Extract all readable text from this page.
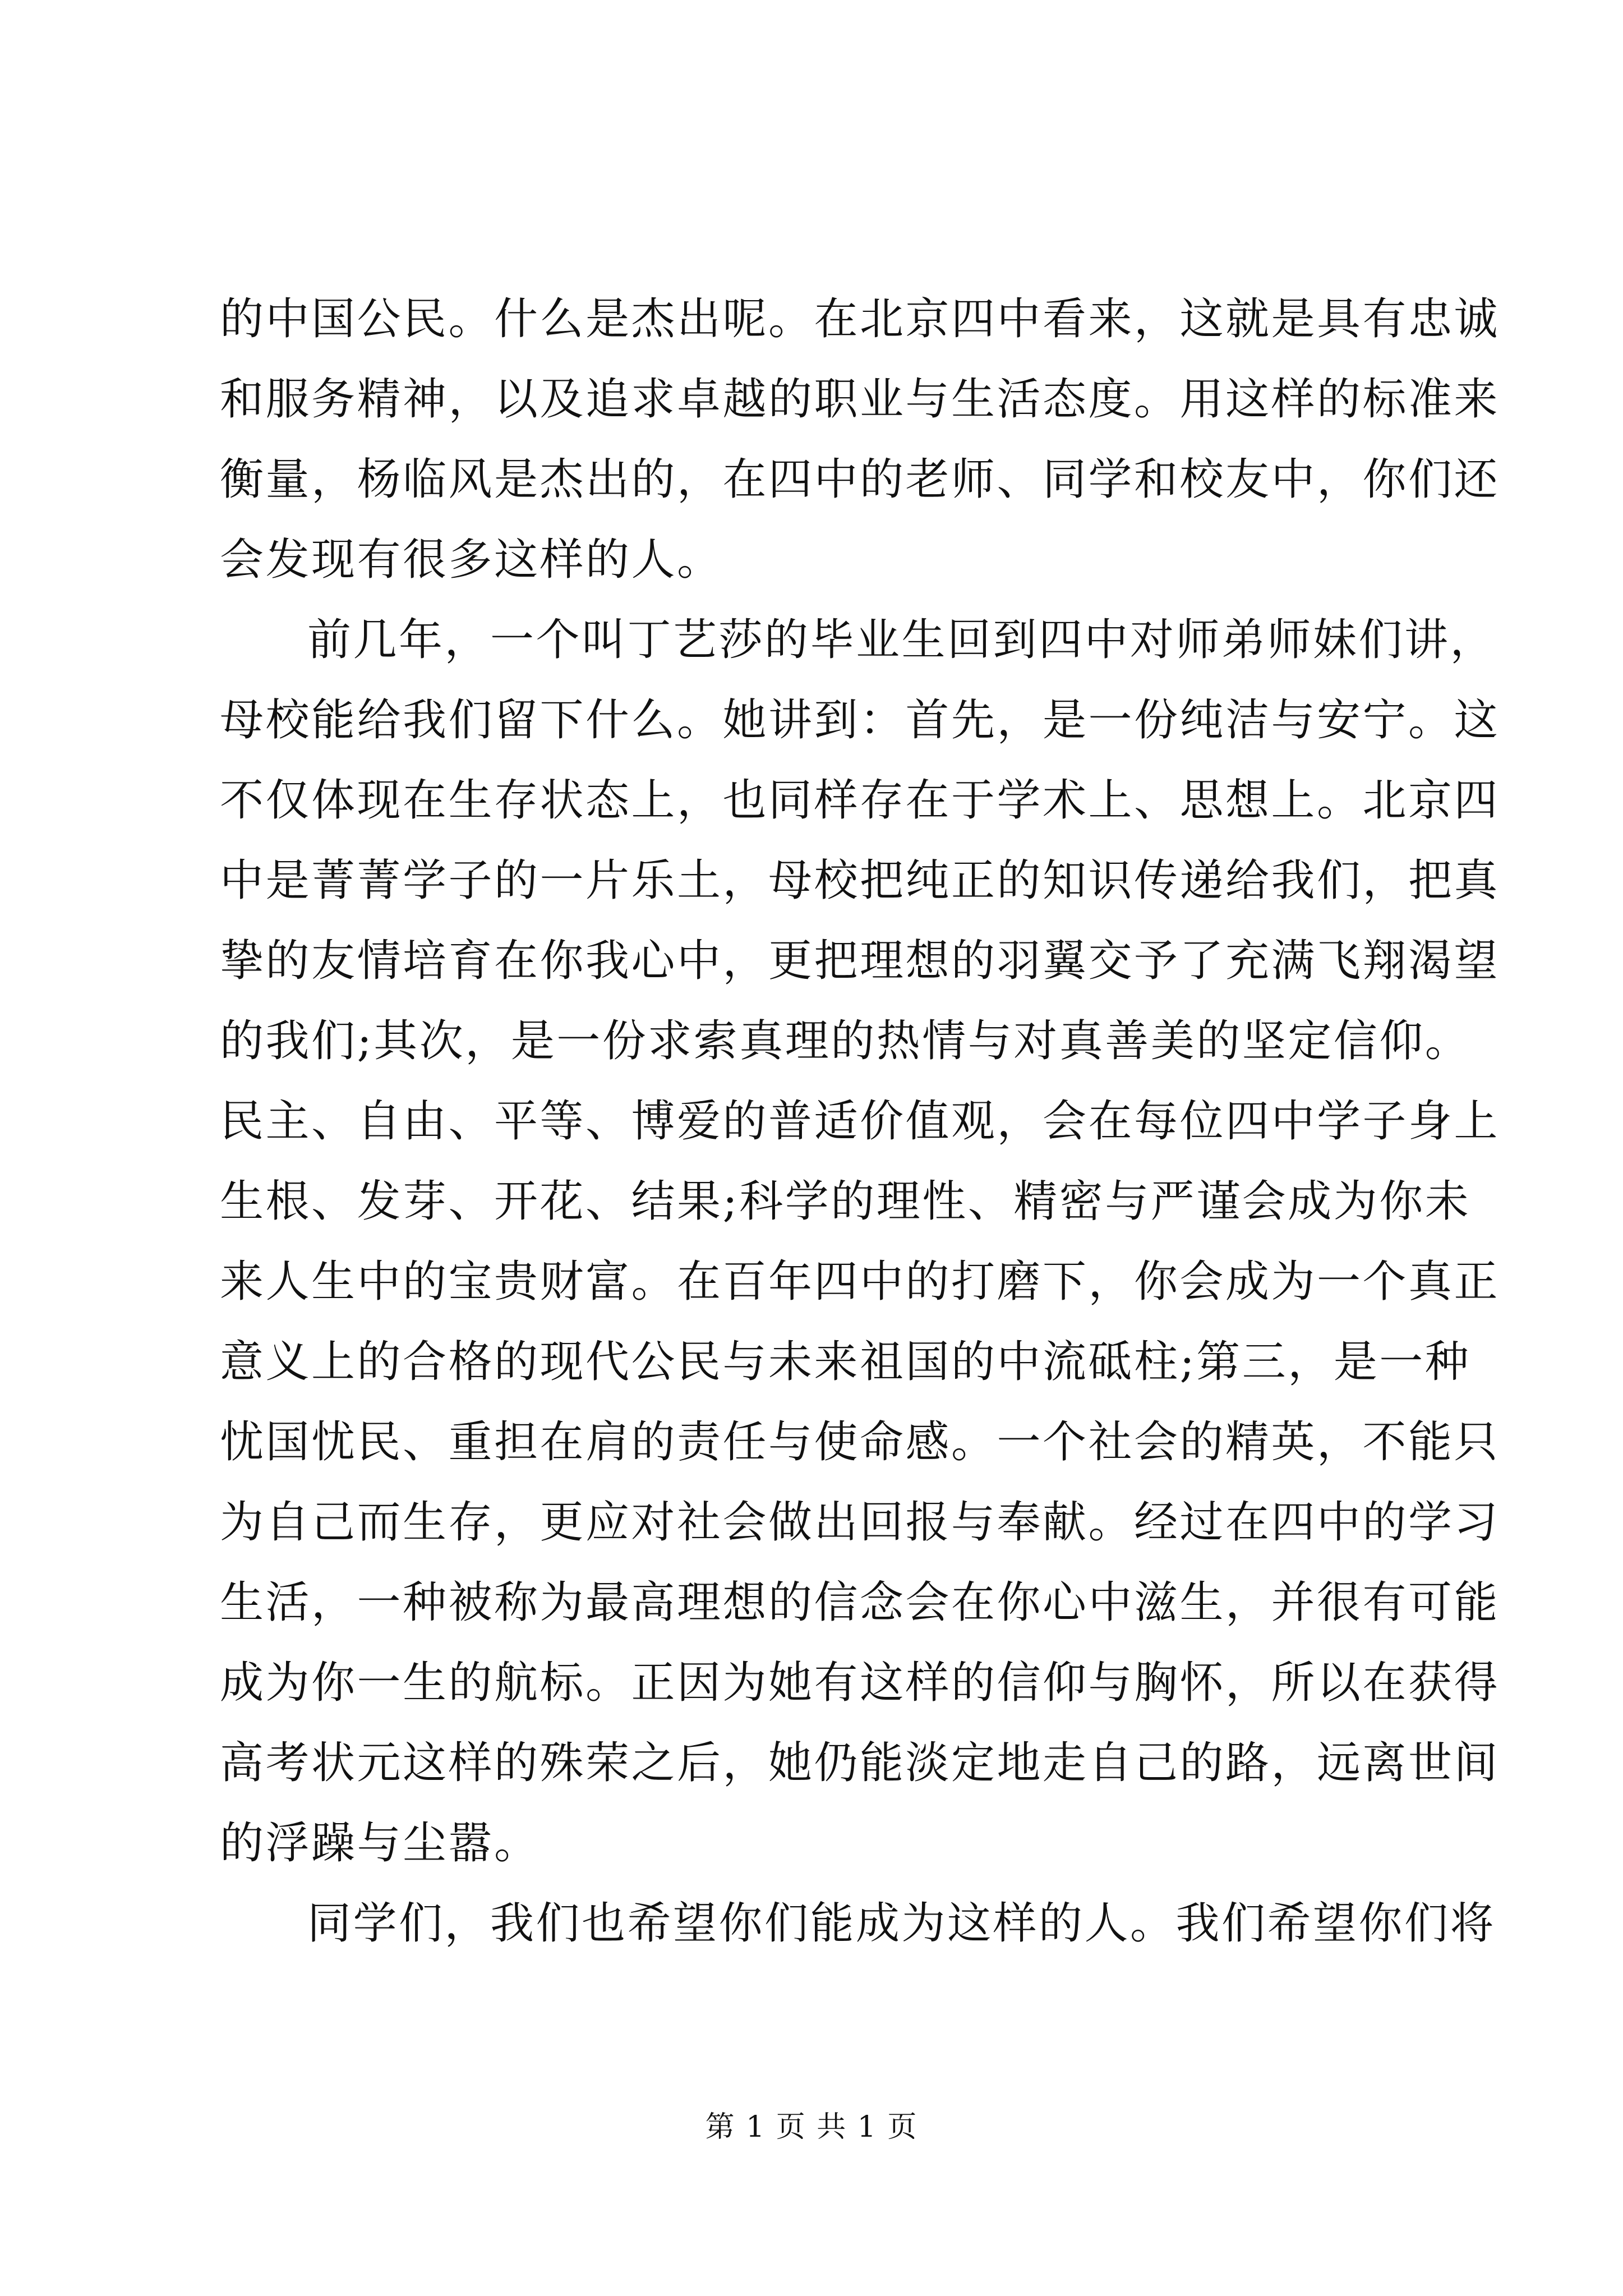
的中国公民。什么是杰出呢。在北京四中看来，这就是具有忠诚
和服务精神，以及追求卓越的职业与生活态度。用这样的标准来
衡量，杨临风是杰出的，在四中的老师、同学和校友中，你们还
会发现有很多这样的人。
前几年，一个叫丁艺莎的毕业生回到四中对师弟师妹们讲，
母校能给我们留下什么。她讲到：首先，是一份纯洁与安宁。这
不仅体现在生存状态上，也同样存在于学术上、思想上。北京四
中是菁菁学子的一片乐土，母校把纯正的知识传递给我们，把真
挚的友情培育在你我心中，更把理想的羽翼交予了充满飞翔渴望
的我们;其次，是一份求索真理的热情与对真善美的坚定信仰。
民主、自由、平等、博爱的普适价值观，会在每位四中学子身上
生根、发芽、开花、结果;科学的理性、精密与严谨会成为你未
来人生中的宝贵财富。在百年四中的打磨下，你会成为一个真正
意义上的合格的现代公民与未来祖国的中流砥柱;第三，是一种
忧国忧民、重担在肩的责任与使命感。一个社会的精英，不能只
为自己而生存，更应对社会做出回报与奉献。经过在四中的学习
生活，一种被称为最高理想的信念会在你心中滋生，并很有可能
成为你一生的航标。正因为她有这样的信仰与胸怀，所以在获得
高考状元这样的殊荣之后，她仍能淡定地走自己的路，远离世间
的浮躁与尘嚣。
同学们，我们也希望你们能成为这样的人。我们希望你们将
第 1 页 共 1 页
